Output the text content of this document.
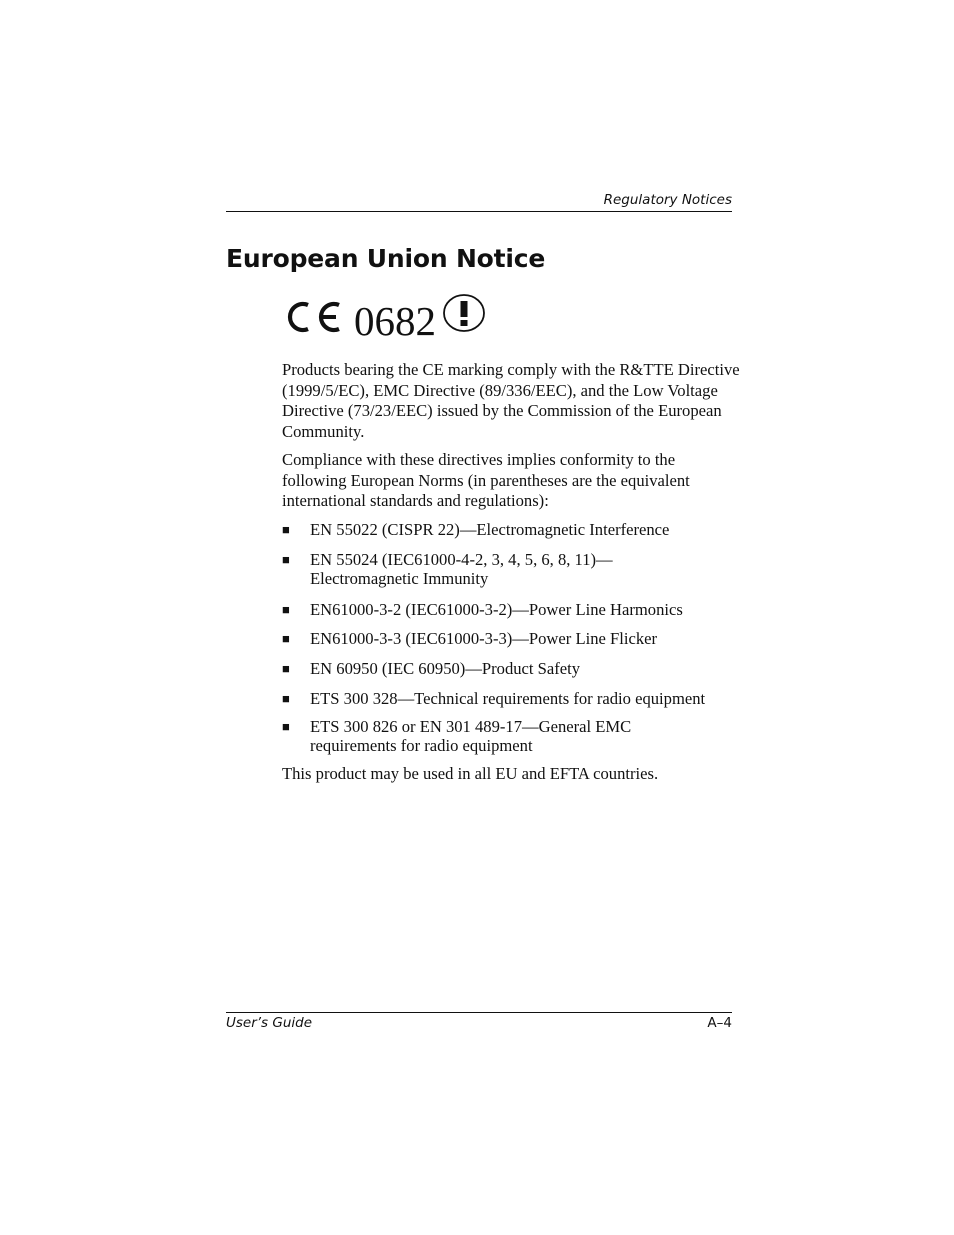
Regulatory Notices
European Union Notice
0682

Products bearing the CE marking comply with the R&TTE Directive (1999/5/EC), EMC Directive (89/336/EEC), and the Low Voltage Directive (73/23/EEC) issued by the Commission of the European Community.

Compliance with these directives implies conformity to the following European Norms (in parentheses are the equivalent international standards and regulations):

■	EN 55022 (CISPR 22)—Electromagnetic Interference
■	EN 55024 (IEC61000-4-2, 3, 4, 5, 6, 8, 11)— Electromagnetic Immunity
■	EN61000-3-2 (IEC61000-3-2)—Power Line Harmonics
■	EN61000-3-3 (IEC61000-3-3)—Power Line Flicker
■	EN 60950 (IEC 60950)—Product Safety
■	ETS 300 328—Technical requirements for radio equipment
■	ETS 300 826 or EN 301 489-17—General EMC requirements for radio equipment

This product may be used in all EU and EFTA countries.

User’s Guide	A–4
